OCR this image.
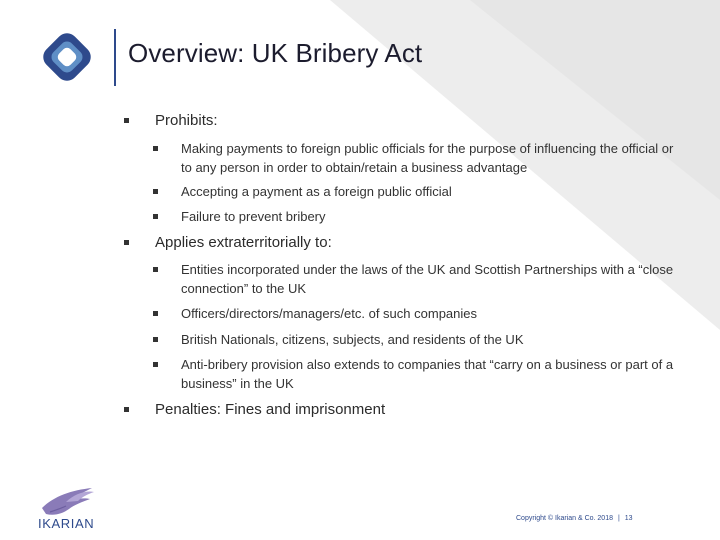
Overview: UK Bribery Act
Prohibits:
Making payments to foreign public officials for the purpose of influencing the official or to any person in order to obtain/retain a business advantage
Accepting a payment as a foreign public official
Failure to prevent bribery
Applies extraterritorially to:
Entities incorporated under the laws of the UK and Scottish Partnerships with a “close connection” to the UK
Officers/directors/managers/etc. of such companies
British Nationals, citizens, subjects, and residents of the UK
Anti-bribery provision also extends to companies that “carry on a business or part of a business” in the UK
Penalties: Fines and imprisonment
IKARIAN	Copyright © Ikarian & Co. 2018 | 13
